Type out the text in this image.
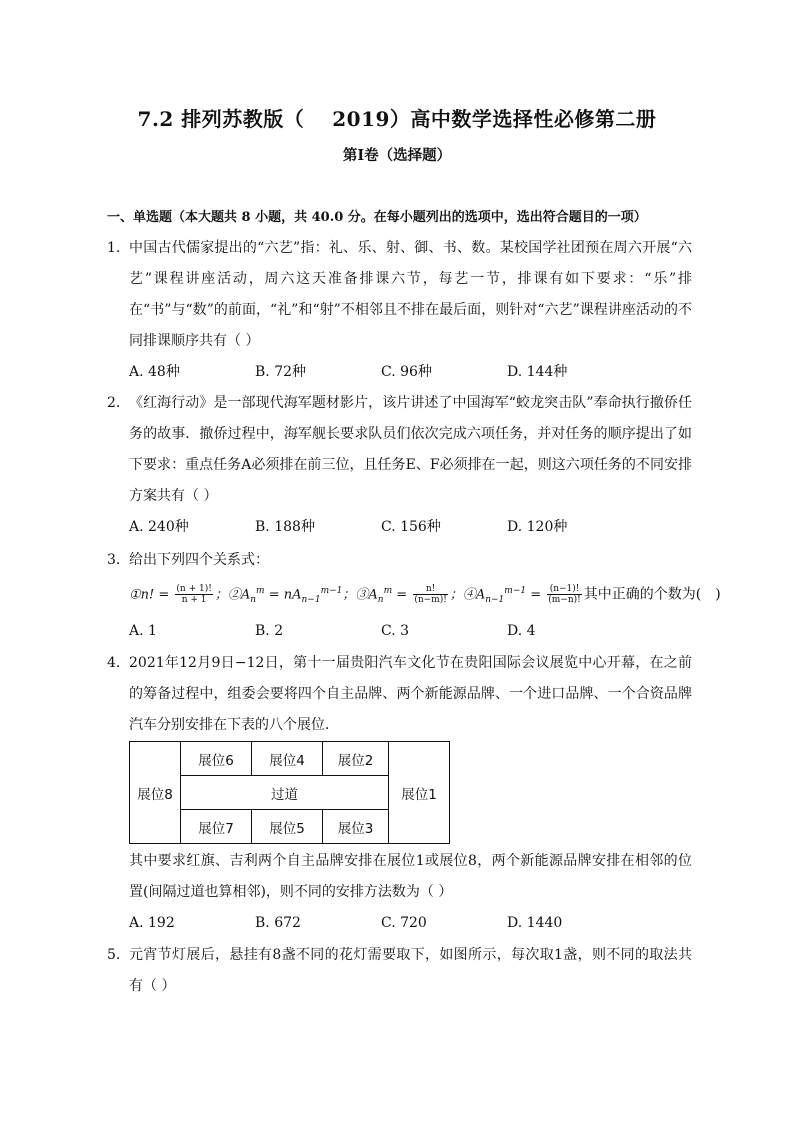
7.2 排列苏教版（　 2019）高中数学选择性必修第二册
第Ⅰ卷（选择题）
一、单选题（本大题共 8 小题，共 40.0 分。在每小题列出的选项中，选出符合题目的一项）
1. 中国古代儒家提出的“六艺”指：礼、乐、射、御、书、数。某校国学社团预在周六开展“六艺”课程讲座活动，周六这天准备排课六节，每艺一节，排课有如下要求：“乐”排在“书”与“数”的前面，“礼”和“射”不相邻且不排在最后面，则针对“六艺”课程讲座活动的不同排课顺序共有（ ）
A. 48种	B. 72种	C. 96种	D. 144种
2. 《红海行动》是一部现代海军题材影片，该片讲述了中国海军“蛟龙突击队”奉命执行撤侨任务的故事．撤侨过程中，海军舰长要求队员们依次完成六项任务，并对任务的顺序提出了如下要求：重点任务A必须排在前三位，且任务E、F必须排在一起，则这六项任务的不同安排方案共有（ ）
A. 240种	B. 188种	C. 156种	D. 120种
3. 给出下列四个关系式：
①n! = $\frac{(n + 1)!}{n + 1}$ ；$②A_n^m = nA_{n-1}^{m-1}$；$③A_n^m = \frac{n!}{(n-m)!}$ ；$④A_{n-1}^{m-1} = \frac{(n-1)!}{(m-n)!}$ 其中正确的个数为(　)
A. 1	B. 2	C. 3	D. 4
4. 2021年12月9日−12日，第十一届贵阳汽车文化节在贵阳国际会议展览中心开幕，在之前的筹备过程中，组委会要将四个自主品牌、两个新能源品牌、一个进口品牌、一个合资品牌汽车分别安排在下表的八个展位．
展位8	展位6	展位4	展位2	展位1
	过道			
	展位7	展位5	展位3	
其中要求红旗、吉利两个自主品牌安排在展位1或展位8，两个新能源品牌安排在相邻的位置(间隔过道也算相邻)，则不同的安排方法数为（ ）
A. 192	B. 672	C. 720	D. 1440
5. 元宵节灯展后，悬挂有8盏不同的花灯需要取下，如图所示，每次取1盏，则不同的取法共有（ ）
